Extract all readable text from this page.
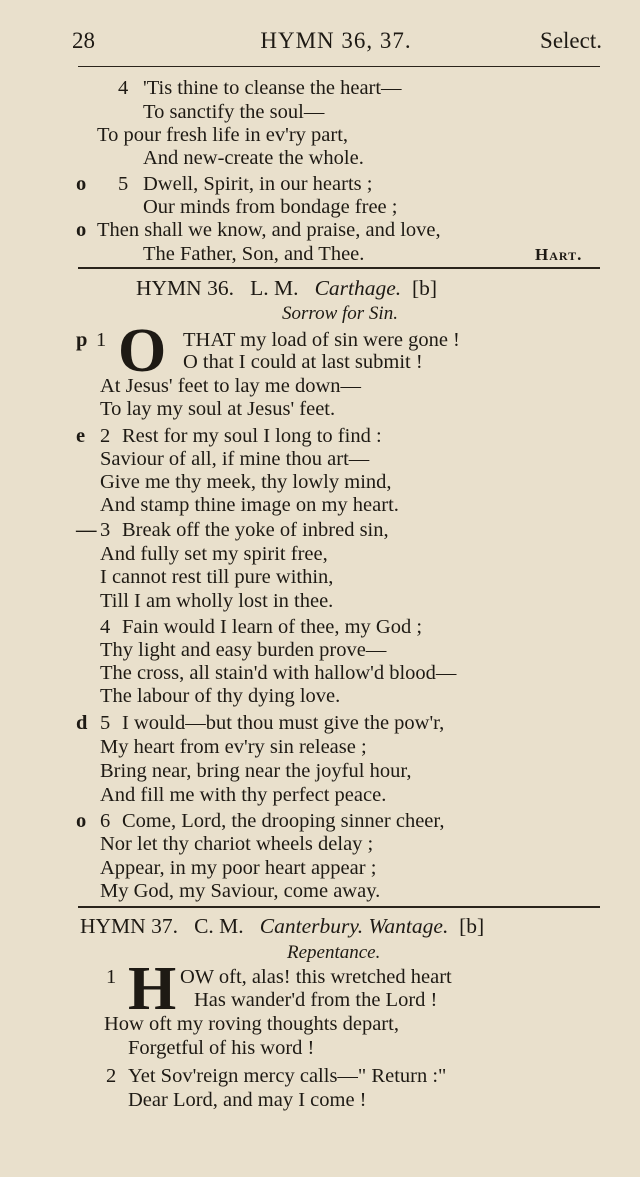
28	HYMN 36, 37.	Select.
4 'Tis thine to cleanse the heart—
To sanctify the soul—
To pour fresh life in ev'ry part,
And new-create the whole.
o 5 Dwell, Spirit, in our hearts ;
Our minds from bondage free ;
o Then shall we know, and praise, and love,
The Father, Son, and Thee.	Hart.
HYMN 36. L. M. Carthage. [b]
Sorrow for Sin.
p 1 O THAT my load of sin were gone !
O that I could at last submit !
At Jesus' feet to lay me down—
To lay my soul at Jesus' feet.
e 2 Rest for my soul I long to find :
Saviour of all, if mine thou art—
Give me thy meek, thy lowly mind,
And stamp thine image on my heart.
— 3 Break off the yoke of inbred sin,
And fully set my spirit free,
I cannot rest till pure within,
Till I am wholly lost in thee.
4 Fain would I learn of thee, my God ;
Thy light and easy burden prove—
The cross, all stain'd with hallow'd blood—
The labour of thy dying love.
d 5 I would—but thou must give the pow'r,
My heart from ev'ry sin release ;
Bring near, bring near the joyful hour,
And fill me with thy perfect peace.
o 6 Come, Lord, the drooping sinner cheer,
Nor let thy chariot wheels delay ;
Appear, in my poor heart appear ;
My God, my Saviour, come away.
HYMN 37. C. M. Canterbury. Wantage. [b]
Repentance.
1 H OW oft, alas! this wretched heart
Has wander'd from the Lord !
How oft my roving thoughts depart,
Forgetful of his word !
2 Yet Sov'reign mercy calls—" Return :"
Dear Lord, and may I come !
